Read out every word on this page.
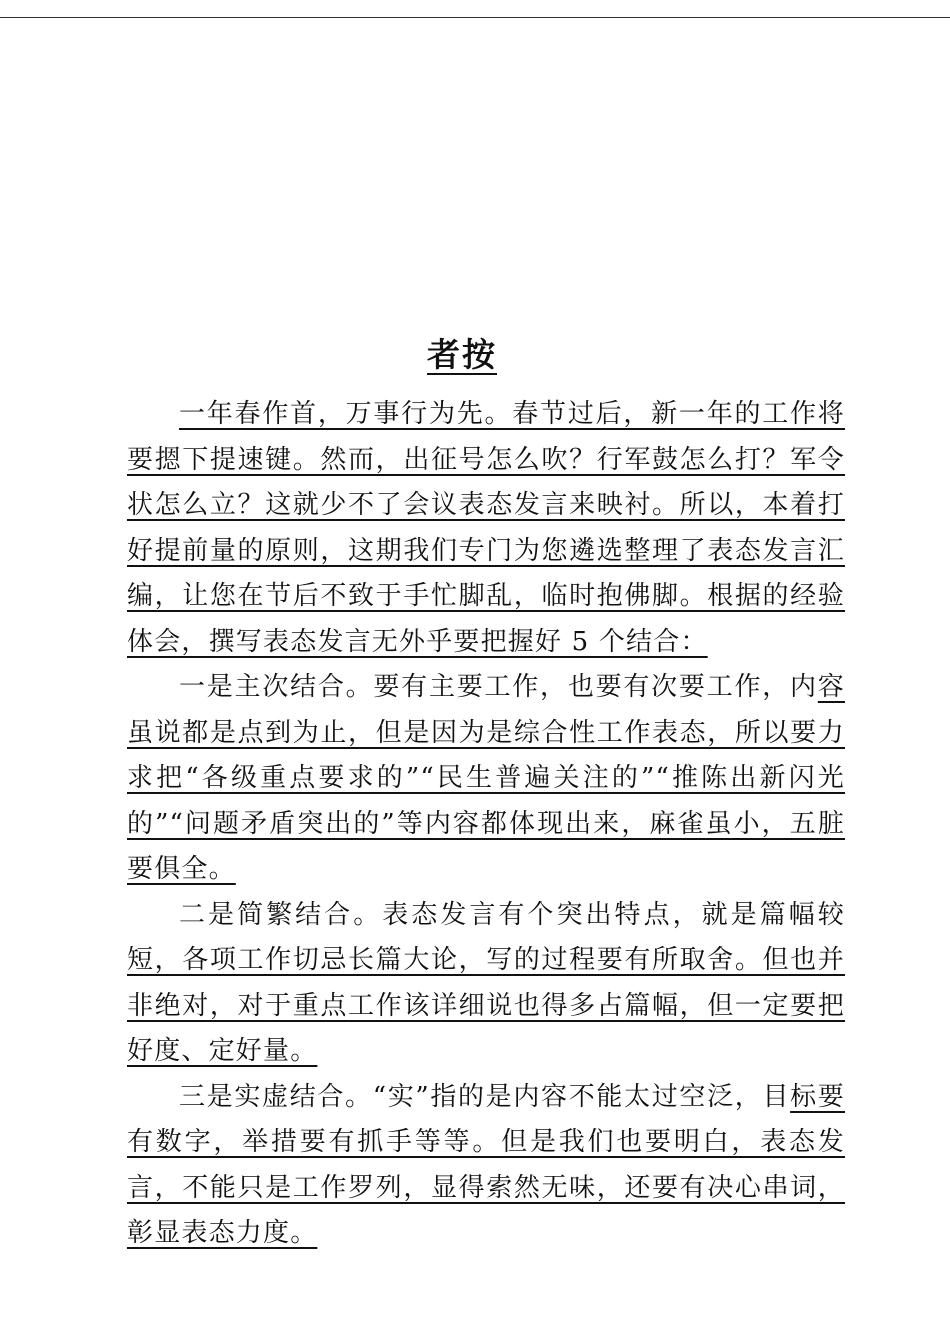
者按

一年春作首，万事行为先。春节过后，新一年的工作将要摁下提速键。然而，出征号怎么吹？行军鼓怎么打？军令状怎么立？这就少不了会议表态发言来映衬。所以，本着打好提前量的原则，这期我们专门为您遴选整理了表态发言汇编，让您在节后不致于手忙脚乱，临时抱佛脚。根据的经验体会，撰写表态发言无外乎要把握好 5 个结合：

一是主次结合。要有主要工作，也要有次要工作，内容虽说都是点到为止，但是因为是综合性工作表态，所以要力求把“各级重点要求的”“民生普遍关注的”“推陈出新闪光的”“问题矛盾突出的”等内容都体现出来，麻雀虽小，五脏要俱全。

二是简繁结合。表态发言有个突出特点，就是篇幅较短，各项工作切忌长篇大论，写的过程要有所取舍。但也并非绝对，对于重点工作该详细说也得多占篇幅，但一定要把好度、定好量。

三是实虚结合。“实”指的是内容不能太过空泛，目标要有数字，举措要有抓手等等。但是我们也要明白，表态发言，不能只是工作罗列，显得索然无味，还要有决心串词，彰显表态力度。
